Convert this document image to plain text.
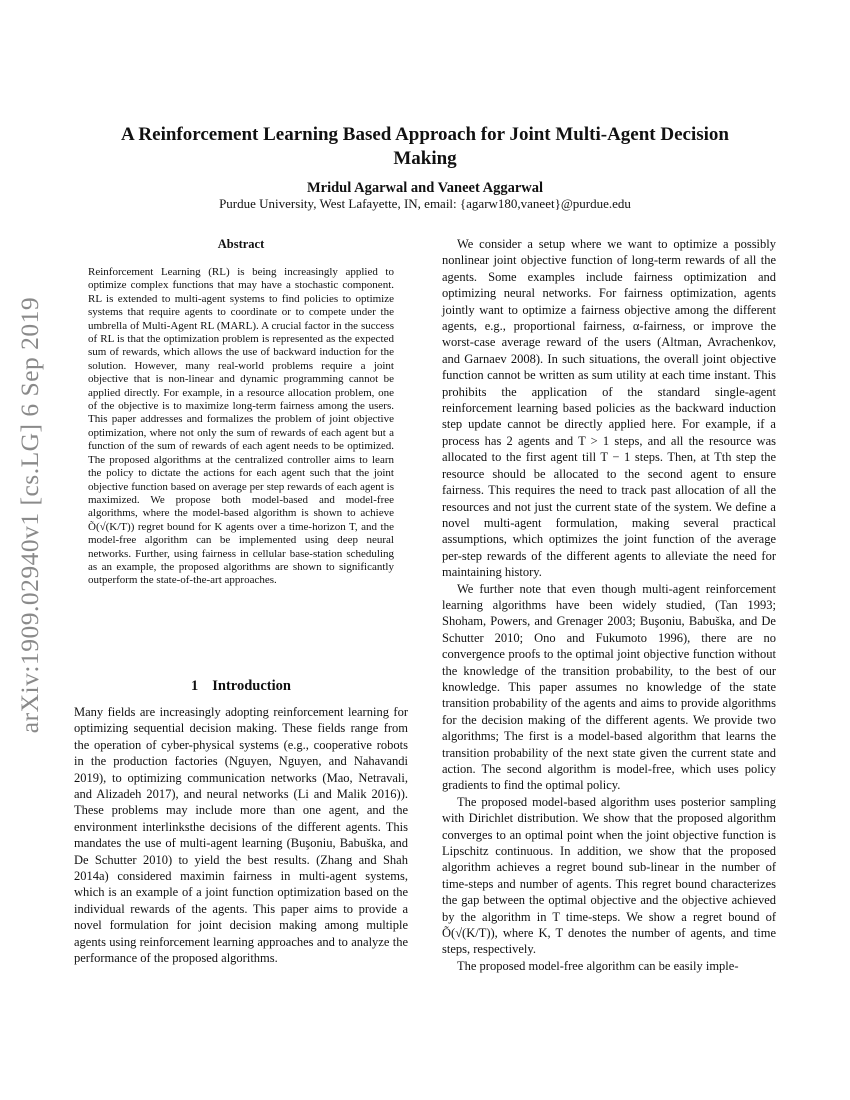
arXiv:1909.02940v1 [cs.LG] 6 Sep 2019
A Reinforcement Learning Based Approach for Joint Multi-Agent Decision Making
Mridul Agarwal and Vaneet Aggarwal
Purdue University, West Lafayette, IN, email: {agarw180,vaneet}@purdue.edu
Abstract

Reinforcement Learning (RL) is being increasingly applied to optimize complex functions that may have a stochastic component. RL is extended to multi-agent systems to find policies to optimize systems that require agents to coordinate or to compete under the umbrella of Multi-Agent RL (MARL). A crucial factor in the success of RL is that the optimization problem is represented as the expected sum of rewards, which allows the use of backward induction for the solution. However, many real-world problems require a joint objective that is non-linear and dynamic programming cannot be applied directly. For example, in a resource allocation problem, one of the objective is to maximize long-term fairness among the users. This paper addresses and formalizes the problem of joint objective optimization, where not only the sum of rewards of each agent but a function of the sum of rewards of each agent needs to be optimized. The proposed algorithms at the centralized controller aims to learn the policy to dictate the actions for each agent such that the joint objective function based on average per step rewards of each agent is maximized. We propose both model-based and model-free algorithms, where the model-based algorithm is shown to achieve Õ(√(K/T)) regret bound for K agents over a time-horizon T, and the model-free algorithm can be implemented using deep neural networks. Further, using fairness in cellular base-station scheduling as an example, the proposed algorithms are shown to significantly outperform the state-of-the-art approaches.

1 Introduction

Many fields are increasingly adopting reinforcement learning for optimizing sequential decision making. These fields range from the operation of cyber-physical systems (e.g., cooperative robots in the production factories (Nguyen, Nguyen, and Nahavandi 2019), to optimizing communication networks (Mao, Netravali, and Alizadeh 2017), and neural networks (Li and Malik 2016)). These problems may include more than one agent, and the environment interlinksthe decisions of the different agents. This mandates the use of multi-agent learning (Buşoniu, Babuška, and De Schutter 2010) to yield the best results. (Zhang and Shah 2014a) considered maximin fairness in multi-agent systems, which is an example of a joint function optimization based on the individual rewards of the agents. This paper aims to provide a novel formulation for joint decision making among multiple agents using reinforcement learning approaches and to analyze the performance of the proposed algorithms.

We consider a setup where we want to optimize a possibly nonlinear joint objective function of long-term rewards of all the agents. Some examples include fairness optimization and optimizing neural networks. For fairness optimization, agents jointly want to optimize a fairness objective among the different agents, e.g., proportional fairness, α-fairness, or improve the worst-case average reward of the users (Altman, Avrachenkov, and Garnaev 2008). In such situations, the overall joint objective function cannot be written as sum utility at each time instant. This prohibits the application of the standard single-agent reinforcement learning based policies as the backward induction step update cannot be directly applied here. For example, if a process has 2 agents and T > 1 steps, and all the resource was allocated to the first agent till T − 1 steps. Then, at Tth step the resource should be allocated to the second agent to ensure fairness. This requires the need to track past allocation of all the resources and not just the current state of the system. We define a novel multi-agent formulation, making several practical assumptions, which optimizes the joint function of the average per-step rewards of the different agents to alleviate the need for maintaining history.

We further note that even though multi-agent reinforcement learning algorithms have been widely studied, (Tan 1993; Shoham, Powers, and Grenager 2003; Buşoniu, Babuška, and De Schutter 2010; Ono and Fukumoto 1996), there are no convergence proofs to the optimal joint objective function without the knowledge of the transition probability, to the best of our knowledge. This paper assumes no knowledge of the state transition probability of the agents and aims to provide algorithms for the decision making of the different agents. We provide two algorithms; The first is a model-based algorithm that learns the transition probability of the next state given the current state and action. The second algorithm is model-free, which uses policy gradients to find the optimal policy.

The proposed model-based algorithm uses posterior sampling with Dirichlet distribution. We show that the proposed algorithm converges to an optimal point when the joint objective function is Lipschitz continuous. In addition, we show that the proposed algorithm achieves a regret bound sub-linear in the number of time-steps and number of agents. This regret bound characterizes the gap between the optimal objective and the objective achieved by the algorithm in T time-steps. We show a regret bound of Õ(√(K/T)), where K, T denotes the number of agents, and time steps, respectively.

The proposed model-free algorithm can be easily imple-
